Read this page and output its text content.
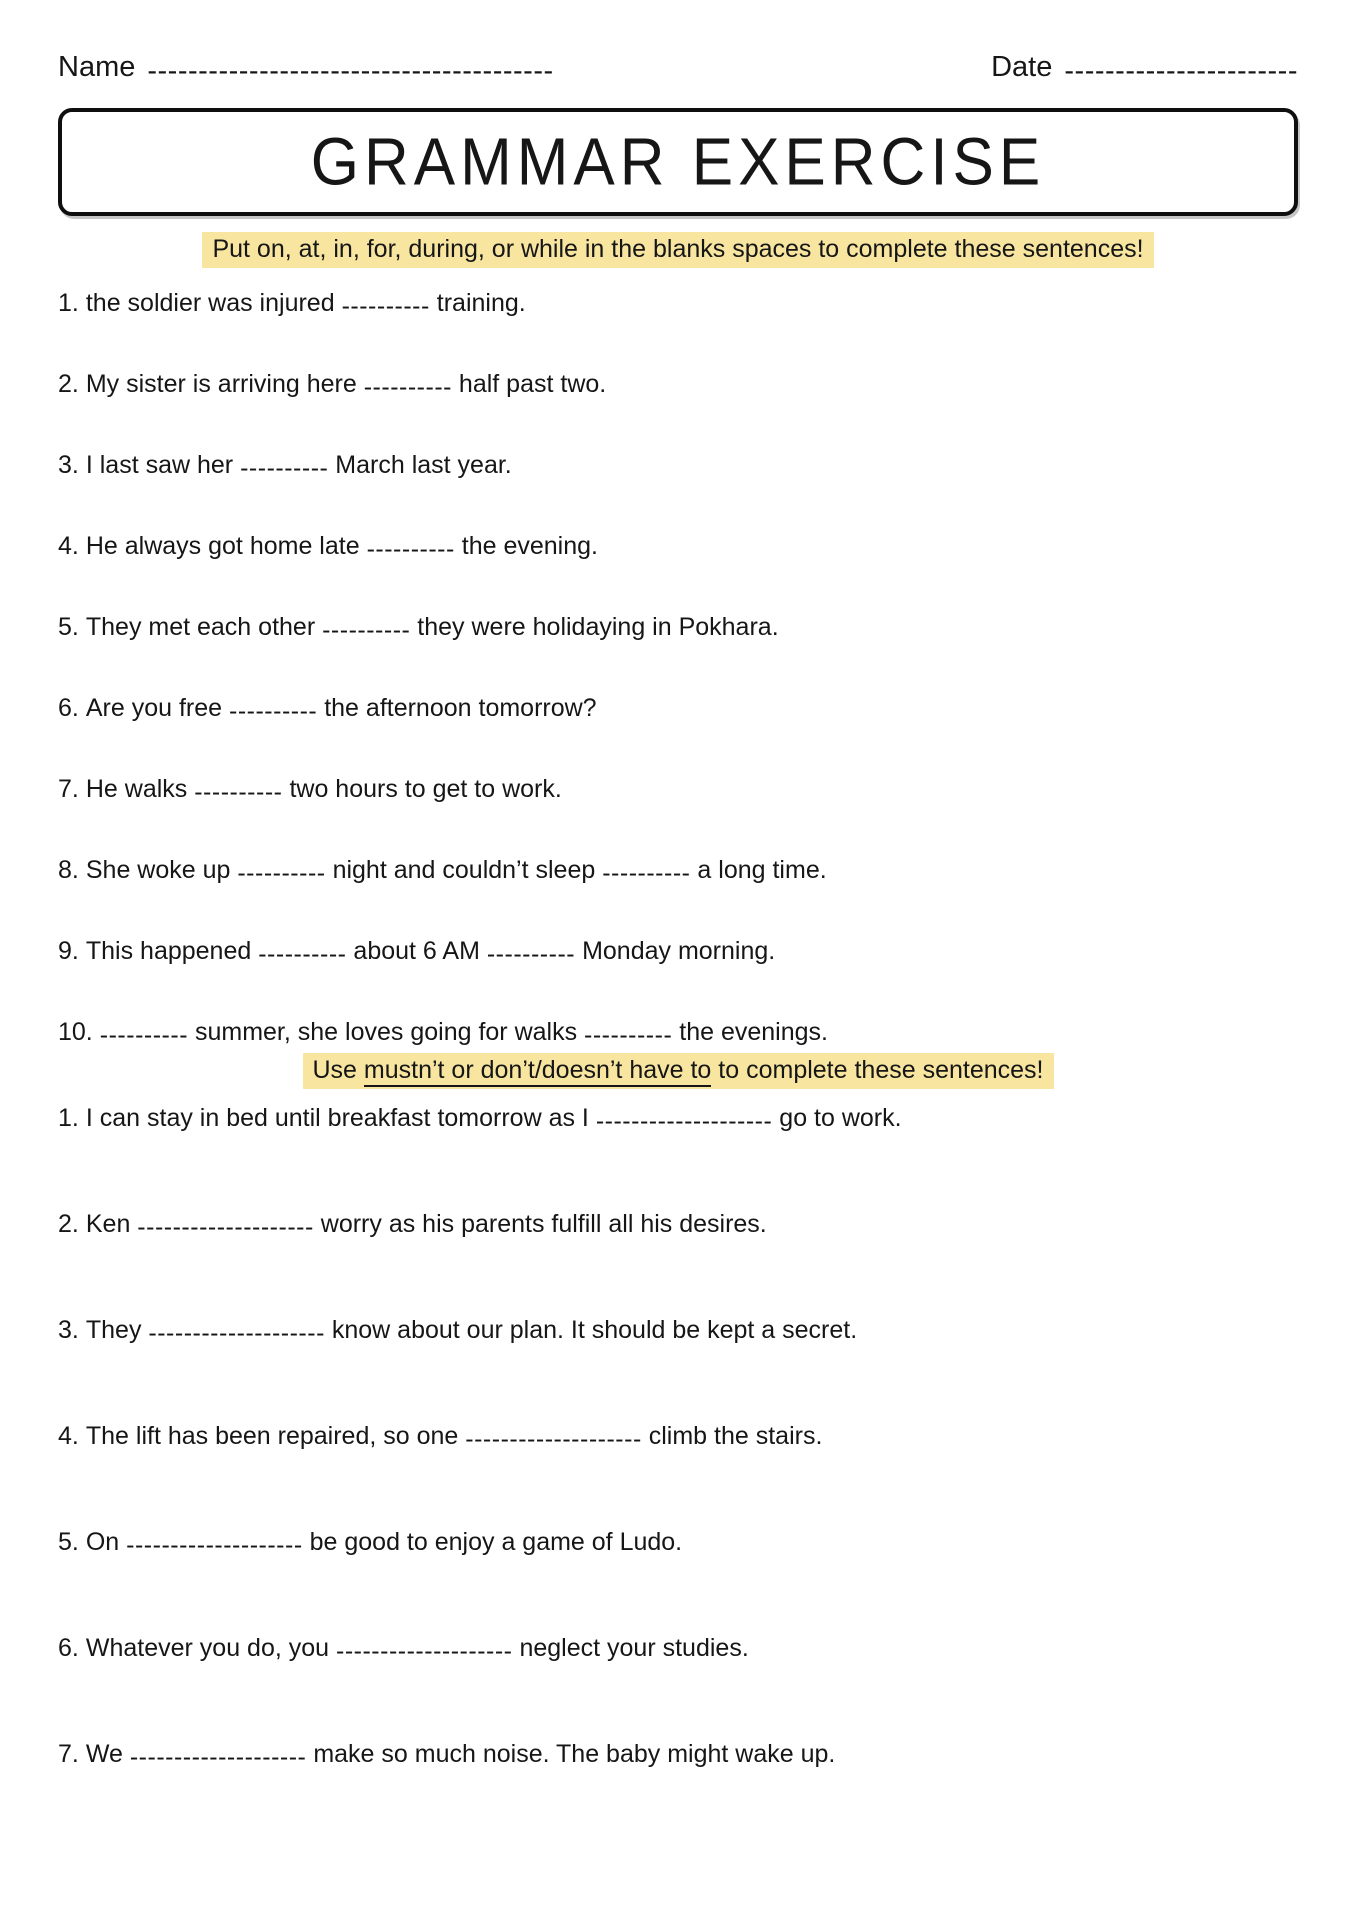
Name ----------------------------------------	Date -----------------------
GRAMMAR EXERCISE
Put on, at, in, for, during, or while in the blanks spaces to complete these sentences!
1. the soldier was injured ---------- training.
2. My sister is arriving here ---------- half past two.
3. I last saw her ---------- March last year.
4. He always got home late ---------- the evening.
5. They met each other ---------- they were holidaying in Pokhara.
6. Are you free ---------- the afternoon tomorrow?
7. He walks ---------- two hours to get to work.
8. She woke up ---------- night and couldn’t sleep ---------- a long time.
9. This happened ---------- about 6 AM ---------- Monday morning.
10. ---------- summer, she loves going for walks ---------- the evenings.
Use mustn’t or don’t/doesn’t have to to complete these sentences!
1. I can stay in bed until breakfast tomorrow as I -------------------- go to work.
2. Ken -------------------- worry as his parents fulfill all his desires.
3. They -------------------- know about our plan. It should be kept a secret.
4. The lift has been repaired, so one -------------------- climb the stairs.
5. On -------------------- be good to enjoy a game of Ludo.
6. Whatever you do, you -------------------- neglect your studies.
7. We -------------------- make so much noise. The baby might wake up.
